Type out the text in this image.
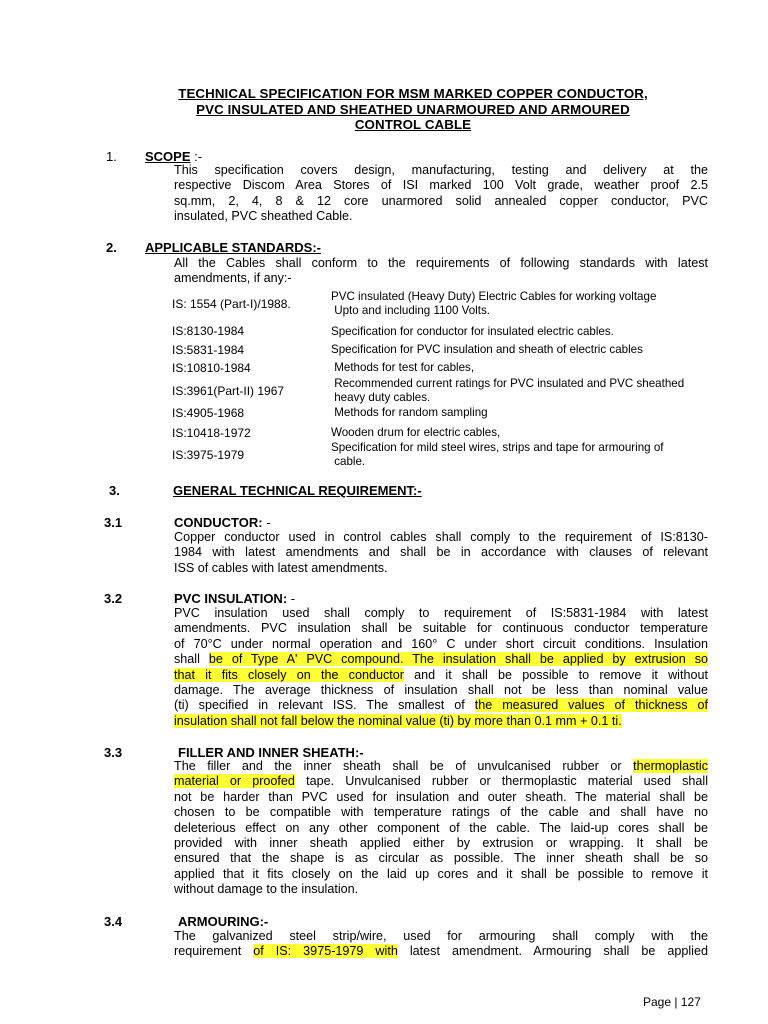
TECHNICAL SPECIFICATION FOR MSM MARKED COPPER CONDUCTOR,
PVC INSULATED AND SHEATHED UNARMOURED AND ARMOURED
CONTROL CABLE
1. SCOPE :-
This specification covers design, manufacturing, testing and delivery at the
respective Discom Area Stores of ISI marked 100 Volt grade, weather proof 2.5
sq.mm, 2, 4, 8 & 12 core unarmored solid annealed copper conductor, PVC
insulated, PVC sheathed Cable.
2. APPLICABLE STANDARDS:-
All the Cables shall conform to the requirements of following standards with latest
amendments, if any:-
IS: 1554 (Part-I)/1988.
PVC insulated (Heavy Duty) Electric Cables for working voltage
Upto and including 1100 Volts.
IS:8130-1984	Specification for conductor for insulated electric cables.
IS:5831-1984	Specification for PVC insulation and sheath of electric cables
IS:10810-1984	Methods for test for cables,
IS:3961(Part-II) 1967
Recommended current ratings for PVC insulated and PVC sheathed
heavy duty cables.
IS:4905-1968	Methods for random sampling
IS:10418-1972	Wooden drum for electric cables,
IS:3975-1979
Specification for mild steel wires, strips and tape for armouring of
cable.
3.	GENERAL TECHNICAL REQUIREMENT:-
3.1	CONDUCTOR: -
Copper conductor used in control cables shall comply to the requirement of IS:8130-
1984 with latest amendments and shall be in accordance with clauses of relevant
ISS of cables with latest amendments.
3.2	PVC INSULATION: -
PVC insulation used shall comply to requirement of IS:5831-1984 with latest
amendments. PVC insulation shall be suitable for continuous conductor temperature
of 70°C under normal operation and 160° C under short circuit conditions. Insulation
shall be of Type A' PVC compound. The insulation shall be applied by extrusion so
that it fits closely on the conductor and it shall be possible to remove it without
damage. The average thickness of insulation shall not be less than nominal value
(ti) specified in relevant ISS. The smallest of the measured values of thickness of
insulation shall not fall below the nominal value (ti) by more than 0.1 mm + 0.1 ti.
3.3	FILLER AND INNER SHEATH:-
The filler and the inner sheath shall be of unvulcanised rubber or thermoplastic
material or proofed tape. Unvulcanised rubber or thermoplastic material used shall
not be harder than PVC used for insulation and outer sheath. The material shall be
chosen to be compatible with temperature ratings of the cable and shall have no
deleterious effect on any other component of the cable. The laid-up cores shall be
provided with inner sheath applied either by extrusion or wrapping. It shall be
ensured that the shape is as circular as possible. The inner sheath shall be so
applied that it fits closely on the laid up cores and it shall be possible to remove it
without damage to the insulation.
3.4	ARMOURING:-
The galvanized steel strip/wire, used for armouring shall comply with the
requirement of IS: 3975-1979 with latest amendment. Armouring shall be applied
Page | 127
